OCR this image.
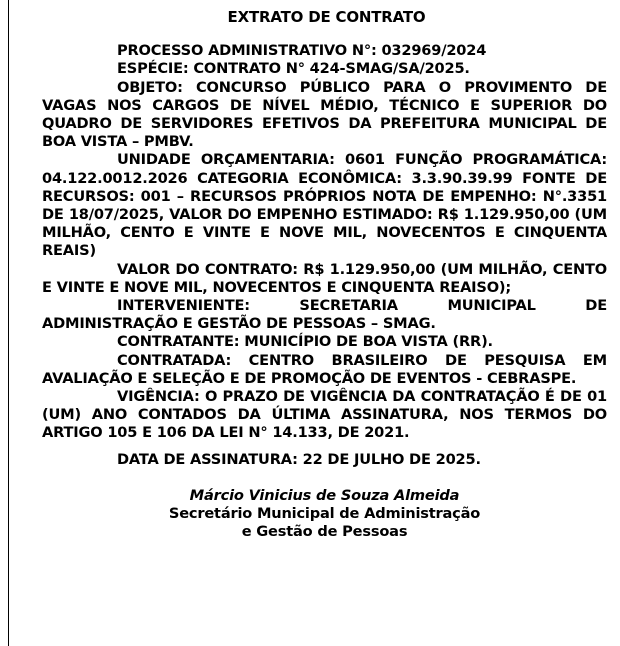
EXTRATO DE CONTRATO

PROCESSO ADMINISTRATIVO N°: 032969/2024

ESPÉCIE: CONTRATO N° 424-SMAG/SA/2025.

OBJETO: CONCURSO PÚBLICO PARA O PROVIMENTO DE VAGAS NOS CARGOS DE NÍVEL MÉDIO, TÉCNICO E SUPERIOR DO QUADRO DE SERVIDORES EFETIVOS DA PREFEITURA MUNICIPAL DE BOA VISTA – PMBV.

UNIDADE ORÇAMENTARIA: 0601 FUNÇÃO PROGRAMÁTICA: 04.122.0012.2026 CATEGORIA ECONÔMICA: 3.3.90.39.99 FONTE DE RECURSOS: 001 – RECURSOS PRÓPRIOS NOTA DE EMPENHO: N°.3351 DE 18/07/2025, VALOR DO EMPENHO ESTIMADO: R$ 1.129.950,00 (UM MILHÃO, CENTO E VINTE E NOVE MIL, NOVECENTOS E CINQUENTA REAIS)

VALOR DO CONTRATO: R$ 1.129.950,00 (UM MILHÃO, CENTO E VINTE E NOVE MIL, NOVECENTOS E CINQUENTA REAISO);

INTERVENIENTE: SECRETARIA MUNICIPAL DE ADMINISTRAÇÃO E GESTÃO DE PESSOAS – SMAG.

CONTRATANTE: MUNICÍPIO DE BOA VISTA (RR).

CONTRATADA: CENTRO BRASILEIRO DE PESQUISA EM AVALIAÇÃO E SELEÇÃO E DE PROMOÇÃO DE EVENTOS - CEBRASPE.

VIGÊNCIA: O PRAZO DE VIGÊNCIA DA CONTRATAÇÃO É DE 01 (UM) ANO CONTADOS DA ÚLTIMA ASSINATURA, NOS TERMOS DO ARTIGO 105 E 106 DA LEI N° 14.133, DE 2021.

DATA DE ASSINATURA: 22 DE JULHO DE 2025.

Márcio Vinicius de Souza Almeida
Secretário Municipal de Administração
e Gestão de Pessoas
